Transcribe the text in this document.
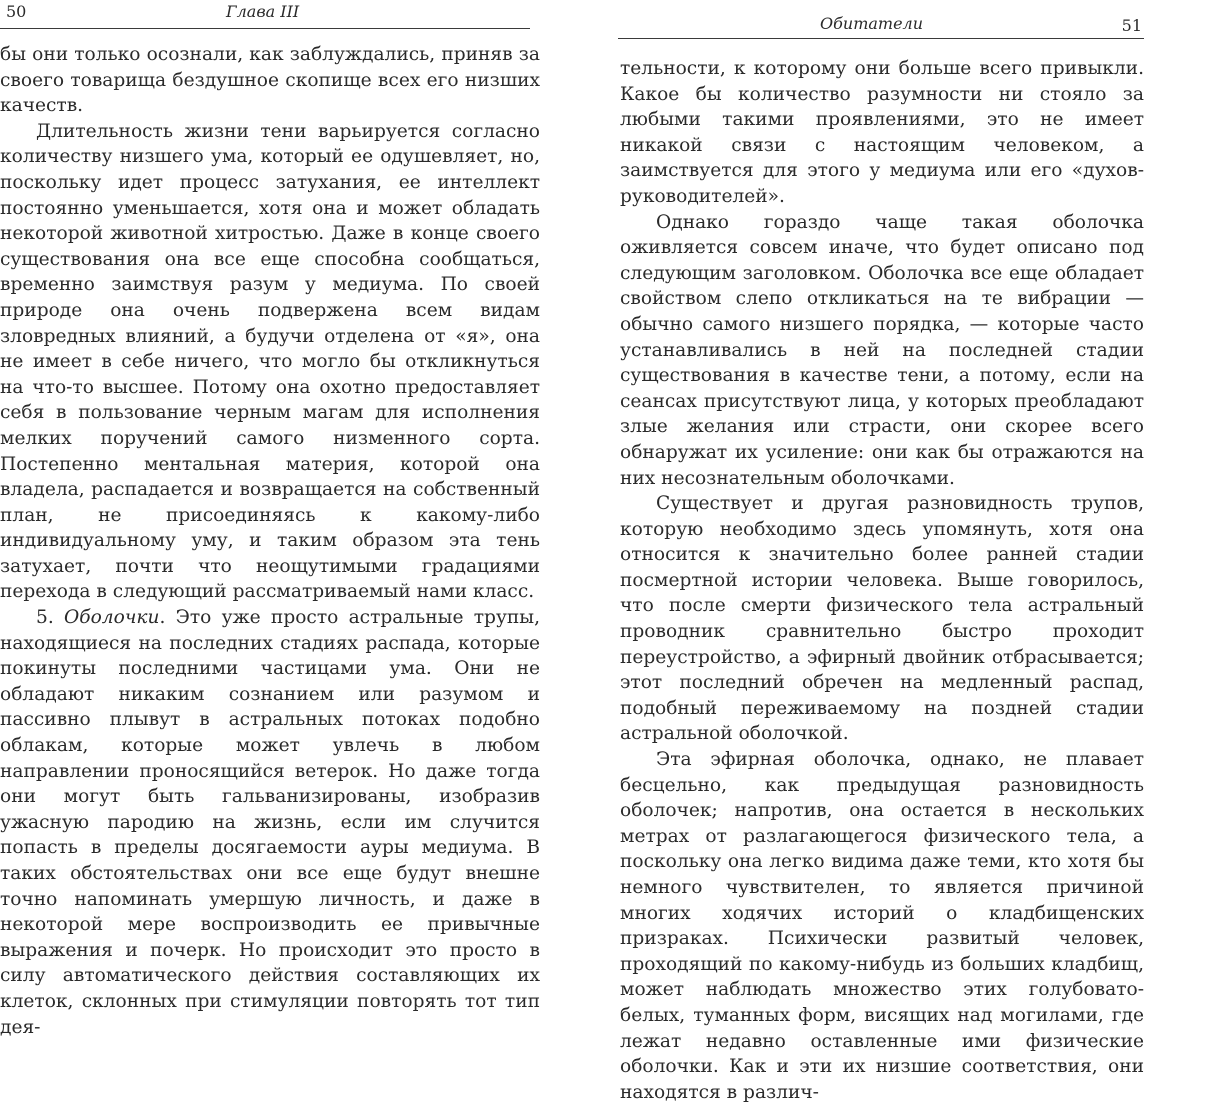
50	Глава III

бы они только осознали, как заблуждались, приняв за своего товарища бездушное скопище всех его низших качеств.

Длительность жизни тени варьируется согласно количеству низшего ума, который ее одушевляет, но, поскольку идет процесс затухания, ее интеллект постоянно уменьшается, хотя она и может обладать некоторой животной хитростью. Даже в конце своего существования она все еще способна сообщаться, временно заимствуя разум у медиума. По своей природе она очень подвержена всем видам зловредных влияний, а будучи отделена от «я», она не имеет в себе ничего, что могло бы откликнуться на что-то высшее. Потому она охотно предоставляет себя в пользование черным магам для исполнения мелких поручений самого низменного сорта. Постепенно ментальная материя, которой она владела, распадается и возвращается на собственный план, не присоединяясь к какому-либо индивидуальному уму, и таким образом эта тень затухает, почти что неощутимыми градациями перехода в следующий рассматриваемый нами класс.

5. Оболочки. Это уже просто астральные трупы, находящиеся на последних стадиях распада, которые покинуты последними частицами ума. Они не обладают никаким сознанием или разумом и пассивно плывут в астральных потоках подобно облакам, которые может увлечь в любом направлении проносящийся ветерок. Но даже тогда они могут быть гальванизированы, изобразив ужасную пародию на жизнь, если им случится попасть в пределы досягаемости ауры медиума. В таких обстоятельствах они все еще будут внешне точно напоминать умершую личность, и даже в некоторой мере воспроизводить ее привычные выражения и почерк. Но происходит это просто в силу автоматического действия составляющих их клеток, склонных при стимуляции повторять тот тип дея-

Обитатели	51

тельности, к которому они больше всего привыкли. Какое бы количество разумности ни стояло за любыми такими проявлениями, это не имеет никакой связи с настоящим человеком, а заимствуется для этого у медиума или его «духов-руководителей».

Однако гораздо чаще такая оболочка оживляется совсем иначе, что будет описано под следующим заголовком. Оболочка все еще обладает свойством слепо откликаться на те вибрации — обычно самого низшего порядка, — которые часто устанавливались в ней на последней стадии существования в качестве тени, а потому, если на сеансах присутствуют лица, у которых преобладают злые желания или страсти, они скорее всего обнаружат их усиление: они как бы отражаются на них несознательным оболочками.

Существует и другая разновидность трупов, которую необходимо здесь упомянуть, хотя она относится к значительно более ранней стадии посмертной истории человека. Выше говорилось, что после смерти физического тела астральный проводник сравнительно быстро проходит переустройство, а эфирный двойник отбрасывается; этот последний обречен на медленный распад, подобный переживаемому на поздней стадии астральной оболочкой.

Эта эфирная оболочка, однако, не плавает бесцельно, как предыдущая разновидность оболочек; напротив, она остается в нескольких метрах от разлагающегося физического тела, а поскольку она легко видима даже теми, кто хотя бы немного чувствителен, то является причиной многих ходячих историй о кладбищенских призраках. Психически развитый человек, проходящий по какому-нибудь из больших кладбищ, может наблюдать множество этих голубовато-белых, туманных форм, висящих над могилами, где лежат недавно оставленные ими физические оболочки. Как и эти их низшие соответствия, они находятся в различ-
